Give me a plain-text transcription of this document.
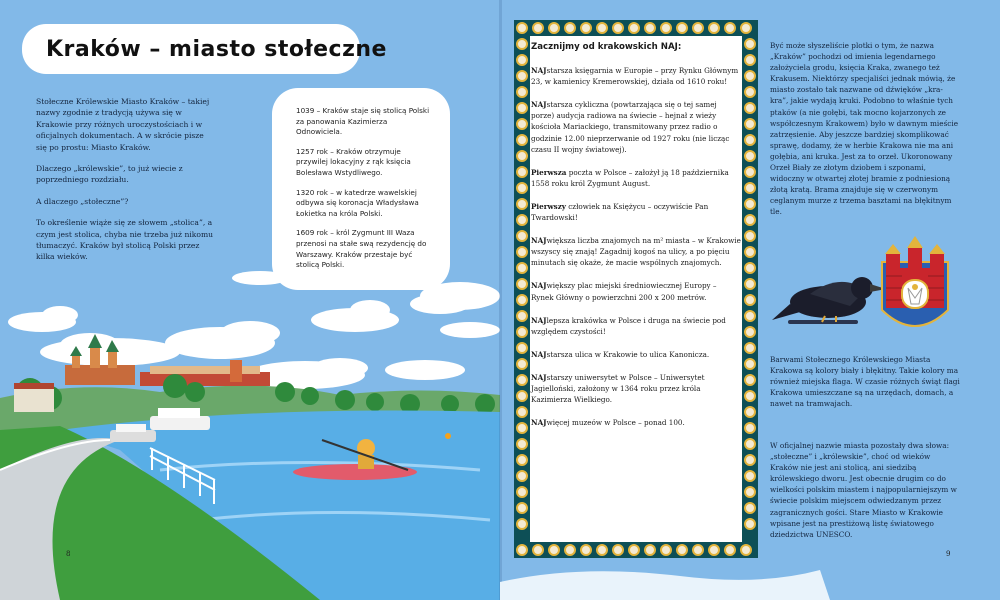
Kraków – miasto stołeczne

Stołeczne Królewskie Miasto Kraków – takiej nazwy zgodnie z tradycją używa się w Krakowie przy różnych uroczystościach i w oficjalnych dokumentach. A w skrócie pisze się po prostu: Miasto Kraków.

Dlaczego „królewskie”, to już wiecie z poprzedniego rozdziału.

A dlaczego „stołeczne”?

To określenie wiąże się ze słowem „stolica”, a czym jest stolica, chyba nie trzeba już nikomu tłumaczyć. Kraków był stolicą Polski przez kilka wieków.

1039 – Kraków staje się stolicą Polski za panowania Kazimierza Odnowiciela.

1257 rok – Kraków otrzymuje przywilej lokacyjny z rąk księcia Bolesława Wstydliwego.

1320 rok – w katedrze wawelskiej odbywa się koronacja Władysława Łokietka na króla Polski.

1609 rok – król Zygmunt III Waza przenosi na stałe swą rezydencję do Warszawy. Kraków przestaje być stolicą Polski.

8

Zacznijmy od krakowskich NAJ:

NAJstarsza księgarnia w Europie – przy Rynku Głównym 23, w kamienicy Kremerowskiej, działa od 1610 roku!

NAJstarsza cykliczna (powtarzająca się o tej samej porze) audycja radiowa na świecie – hejnał z wieży kościoła Mariackiego, transmitowany przez radio o godzinie 12.00 nieprzerwanie od 1927 roku (nie licząc czasu II wojny światowej).

Pierwsza poczta w Polsce – założył ją 18 października 1558 roku król Zygmunt August.

Pierwszy człowiek na Księżycu – oczywiście Pan Twardowski!

NAJwiększa liczba znajomych na m² miasta – w Krakowie wszyscy się znają! Zagadnij kogoś na ulicy, a po pięciu minutach się okaże, że macie wspólnych znajomych.

NAJwiększy plac miejski średniowiecznej Europy – Rynek Główny o powierzchni 200 x 200 metrów.

NAJlepsza krakówka w Polsce i druga na świecie pod względem czystości!

NAJstarsza ulica w Krakowie to ulica Kanonicza.

NAJstarszy uniwersytet w Polsce – Uniwersytet Jagielloński, założony w 1364 roku przez króla Kazimierza Wielkiego.

NAJwięcej muzeów w Polsce – ponad 100.

Być może słyszeliście plotki o tym, że nazwa „Kraków” pochodzi od imienia legendarnego założyciela grodu, księcia Kraka, zwanego też Krakusem. Niektórzy specjaliści jednak mówią, że miasto zostało tak nazwane od dźwięków „kra-kra”, jakie wydają kruki. Podobno to właśnie tych ptaków (a nie gołębi, tak mocno kojarzonych ze współczesnym Krakowem) było w dawnym mieście zatrzęsienie. Aby jeszcze bardziej skomplikować sprawę, dodamy, że w herbie Krakowa nie ma ani gołębia, ani kruka. Jest za to orzeł. Ukoronowany Orzeł Biały ze złotym dziobem i szponami, widoczny w otwartej złotej bramie z podniesioną złotą kratą. Brama znajduje się w czerwonym ceglanym murze z trzema basztami na błękitnym tle.

Barwami Stołecznego Królewskiego Miasta Krakowa są kolory biały i błękitny. Takie kolory ma również miejska flaga. W czasie różnych świąt flagi Krakowa umieszczane są na urzędach, domach, a nawet na tramwajach.

W oficjalnej nazwie miasta pozostały dwa słowa: „stołeczne” i „królewskie”, choć od wieków Kraków nie jest ani stolicą, ani siedzibą królewskiego dworu. Jest obecnie drugim co do wielkości polskim miastem i najpopularniejszym w świecie polskim miejscem odwiedzanym przez zagranicznych gości. Stare Miasto w Krakowie wpisane jest na prestiżową listę światowego dziedzictwa UNESCO.

9
